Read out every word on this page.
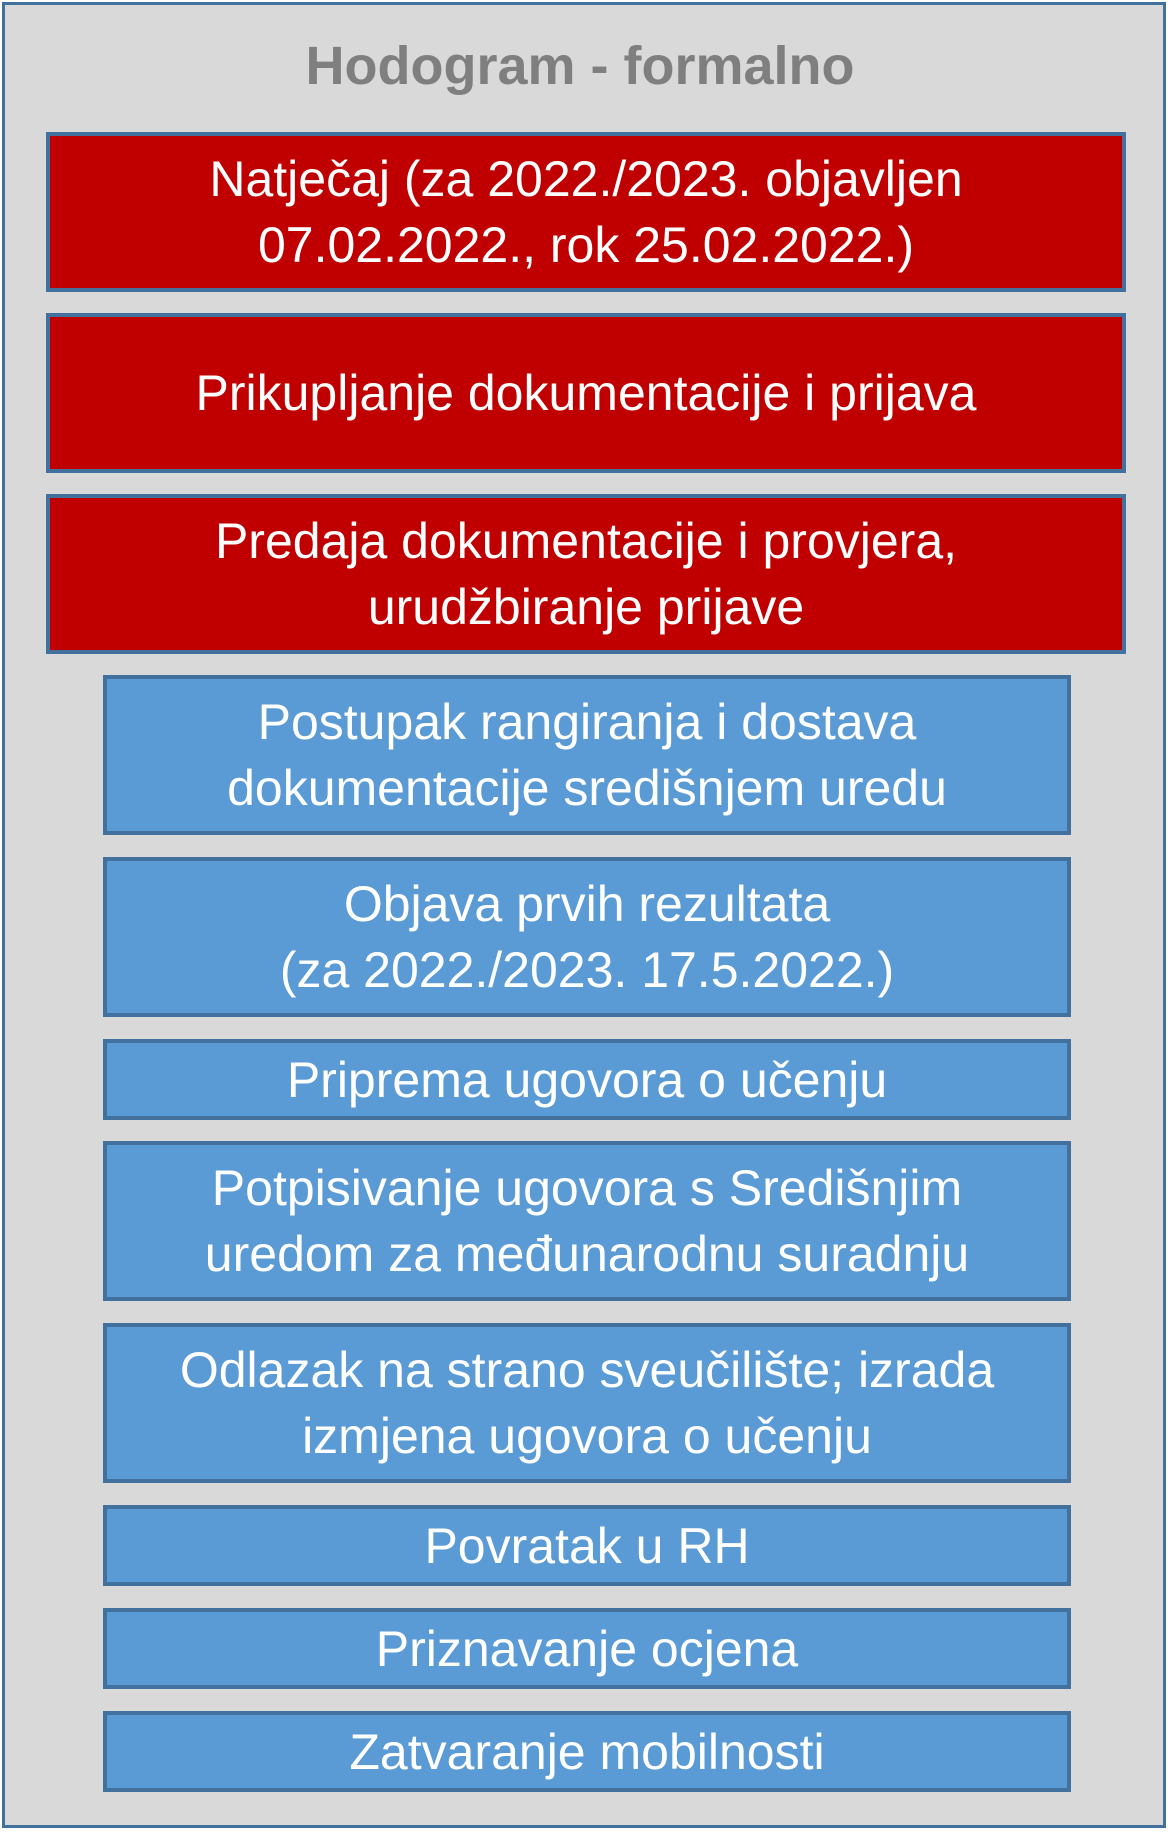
Hodogram - formalno
Natječaj (za 2022./2023. objavljen
07.02.2022., rok 25.02.2022.)
Prikupljanje dokumentacije i prijava
Predaja dokumentacije i provjera,
urudžbiranje prijave
Postupak rangiranja i dostava
dokumentacije središnjem uredu
Objava prvih rezultata
(za 2022./2023. 17.5.2022.)
Priprema ugovora o učenju
Potpisivanje ugovora s Središnjim
uredom za međunarodnu suradnju
Odlazak na strano sveučilište; izrada
izmjena ugovora o učenju
Povratak u RH
Priznavanje ocjena
Zatvaranje mobilnosti
